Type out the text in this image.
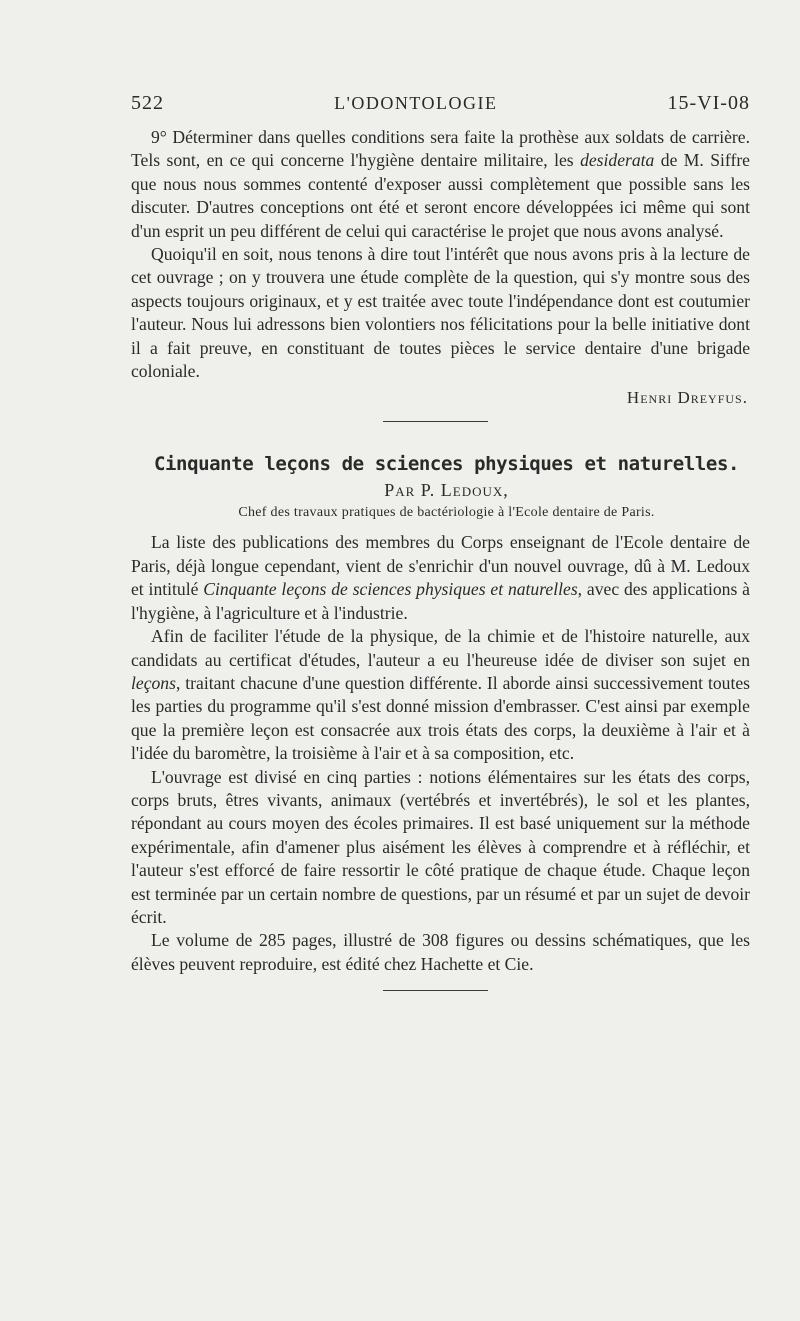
522	L'ODONTOLOGIE	15-VI-08

9° Déterminer dans quelles conditions sera faite la prothèse aux soldats de carrière. Tels sont, en ce qui concerne l'hygiène dentaire militaire, les desiderata de M. Siffre que nous nous sommes contenté d'exposer aussi complètement que possible sans les discuter. D'autres conceptions ont été et seront encore développées ici même qui sont d'un esprit un peu différent de celui qui caractérise le projet que nous avons analysé.

Quoiqu'il en soit, nous tenons à dire tout l'intérêt que nous avons pris à la lecture de cet ouvrage ; on y trouvera une étude complète de la question, qui s'y montre sous des aspects toujours originaux, et y est traitée avec toute l'indépendance dont est coutumier l'auteur. Nous lui adressons bien volontiers nos félicitations pour la belle initiative dont il a fait preuve, en constituant de toutes pièces le service dentaire d'une brigade coloniale.

Henri Dreyfus.
Cinquante leçons de sciences physiques et naturelles.
Par P. Ledoux,
Chef des travaux pratiques de bactériologie à l'Ecole dentaire de Paris.

La liste des publications des membres du Corps enseignant de l'Ecole dentaire de Paris, déjà longue cependant, vient de s'enrichir d'un nouvel ouvrage, dû à M. Ledoux et intitulé Cinquante leçons de sciences physiques et naturelles, avec des applications à l'hygiène, à l'agriculture et à l'industrie.

Afin de faciliter l'étude de la physique, de la chimie et de l'histoire naturelle, aux candidats au certificat d'études, l'auteur a eu l'heureuse idée de diviser son sujet en leçons, traitant chacune d'une question différente. Il aborde ainsi successivement toutes les parties du programme qu'il s'est donné mission d'embrasser. C'est ainsi par exemple que la première leçon est consacrée aux trois états des corps, la deuxième à l'air et à l'idée du baromètre, la troisième à l'air et à sa composition, etc.

L'ouvrage est divisé en cinq parties : notions élémentaires sur les états des corps, corps bruts, êtres vivants, animaux (vertébrés et invertébrés), le sol et les plantes, répondant au cours moyen des écoles primaires. Il est basé uniquement sur la méthode expérimentale, afin d'amener plus aisément les élèves à comprendre et à réfléchir, et l'auteur s'est efforcé de faire ressortir le côté pratique de chaque étude. Chaque leçon est terminée par un certain nombre de questions, par un résumé et par un sujet de devoir écrit.

Le volume de 285 pages, illustré de 308 figures ou dessins schématiques, que les élèves peuvent reproduire, est édité chez Hachette et Cie.
